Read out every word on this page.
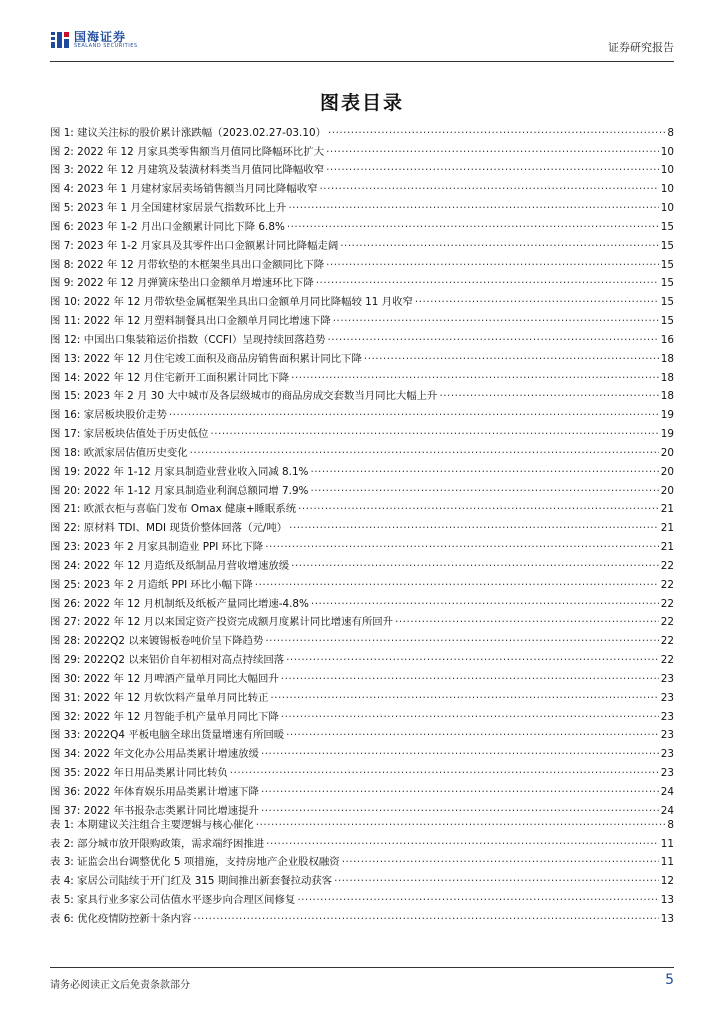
国海证券
SEALAND SECURITIES	证券研究报告
图表目录
图 1: 建议关注标的股价累计涨跌幅（2023.02.27-03.10） .....	8
图 2: 2022 年 12 月家具类零售额当月值同比降幅环比扩大 .....	10
图 3: 2022 年 12 月建筑及装潢材料类当月值同比降幅收窄 .....	10
图 4: 2023 年 1 月建材家居卖场销售额当月同比降幅收窄 .....	10
图 5: 2023 年 1 月全国建材家居景气指数环比上升 .....	10
图 6: 2023 年 1-2 月出口金额累计同比下降 6.8% .....	15
图 7: 2023 年 1-2 月家具及其零件出口金额累计同比降幅走阔 .....	15
图 8: 2022 年 12 月带软垫的木框架坐具出口金额同比下降 .....	15
图 9: 2022 年 12 月弹簧床垫出口金额单月增速环比下降 .....	15
图 10: 2022 年 12 月带软垫金属框架坐具出口金额单月同比降幅较 11 月收窄 .....	15
图 11: 2022 年 12 月塑料制餐具出口金额单月同比增速下降 .....	15
图 12: 中国出口集装箱运价指数（CCFI）呈现持续回落趋势 .....	16
图 13: 2022 年 12 月住宅竣工面积及商品房销售面积累计同比下降 .....	18
图 14: 2022 年 12 月住宅新开工面积累计同比下降 .....	18
图 15: 2023 年 2 月 30 大中城市及各层级城市的商品房成交套数当月同比大幅上升 .....	18
图 16: 家居板块股价走势 .....	19
图 17: 家居板块估值处于历史低位 .....	19
图 18: 欧派家居估值历史变化 .....	20
图 19: 2022 年 1-12 月家具制造业营业收入同减 8.1% .....	20
图 20: 2022 年 1-12 月家具制造业利润总额同增 7.9% .....	20
图 21: 欧派衣柜与喜临门发布 Omax 健康+睡眠系统 .....	21
图 22: 原材料 TDI、MDI 现货价整体回落（元/吨） .....	21
图 23: 2023 年 2 月家具制造业 PPI 环比下降 .....	21
图 24: 2022 年 12 月造纸及纸制品月营收增速放缓 .....	22
图 25: 2023 年 2 月造纸 PPI 环比小幅下降 .....	22
图 26: 2022 年 12 月机制纸及纸板产量同比增速-4.8% .....	22
图 27: 2022 年 12 月以来国定资产投资完成额月度累计同比增速有所回升 .....	22
图 28: 2022Q2 以来镀锡板卷吨价呈下降趋势 .....	22
图 29: 2022Q2 以来铝价自年初相对高点持续回落 .....	22
图 30: 2022 年 12 月啤酒产量单月同比大幅回升 .....	23
图 31: 2022 年 12 月软饮料产量单月同比转正 .....	23
图 32: 2022 年 12 月智能手机产量单月同比下降 .....	23
图 33: 2022Q4 平板电脑全球出货量增速有所回暖 .....	23
图 34: 2022 年文化办公用品类累计增速放缓 .....	23
图 35: 2022 年日用品类累计同比转负 .....	23
图 36: 2022 年体育娱乐用品类累计增速下降 .....	24
图 37: 2022 年书报杂志类累计同比增速提升 .....	24
表 1: 本期建议关注组合主要逻辑与核心催化 .....	8
表 2: 部分城市放开限购政策，需求端纾困推进 .....	11
表 3: 证监会出台调整优化 5 项措施，支持房地产企业股权融资 .....	11
表 4: 家居公司陆续于开门红及 315 期间推出新套餐拉动获客 .....	12
表 5: 家具行业多家公司估值水平逐步向合理区间修复 .....	13
表 6: 优化疫情防控新十条内容 .....	13
请务必阅读正文后免责条款部分	5
